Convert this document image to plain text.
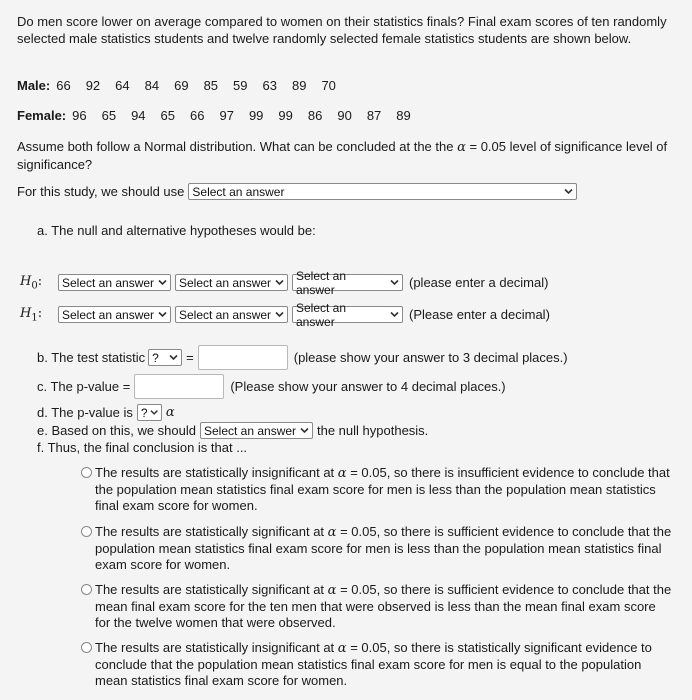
Do men score lower on average compared to women on their statistics finals? Final exam scores of ten randomly selected male statistics students and twelve randomly selected female statistics students are shown below.
Male: 66 92 64 84 69 85 59 63 89 70
Female: 96 65 94 65 66 97 99 99 86 90 87 89
Assume both follow a Normal distribution. What can be concluded at the the α = 0.05 level of significance level of significance?
For this study, we should use Select an answer
a. The null and alternative hypotheses would be:
$H_0$:	Select an answer Select an answer Select an answer	(please enter a decimal)
$H_1$:	Select an answer Select an answer Select an answer	(Please enter a decimal)
b. The test statistic ? =	(please show your answer to 3 decimal places.)
c. The p-value =	(Please show your answer to 4 decimal places.)
d. The p-value is ? α
e. Based on this, we should Select an answer the null hypothesis.
f. Thus, the final conclusion is that ...
The results are statistically insignificant at α = 0.05, so there is insufficient evidence to conclude that the population mean statistics final exam score for men is less than the population mean statistics final exam score for women.
The results are statistically significant at α = 0.05, so there is sufficient evidence to conclude that the population mean statistics final exam score for men is less than the population mean statistics final exam score for women.
The results are statistically significant at α = 0.05, so there is sufficient evidence to conclude that the mean final exam score for the ten men that were observed is less than the mean final exam score for the twelve women that were observed.
The results are statistically insignificant at α = 0.05, so there is statistically significant evidence to conclude that the population mean statistics final exam score for men is equal to the population mean statistics final exam score for women.
